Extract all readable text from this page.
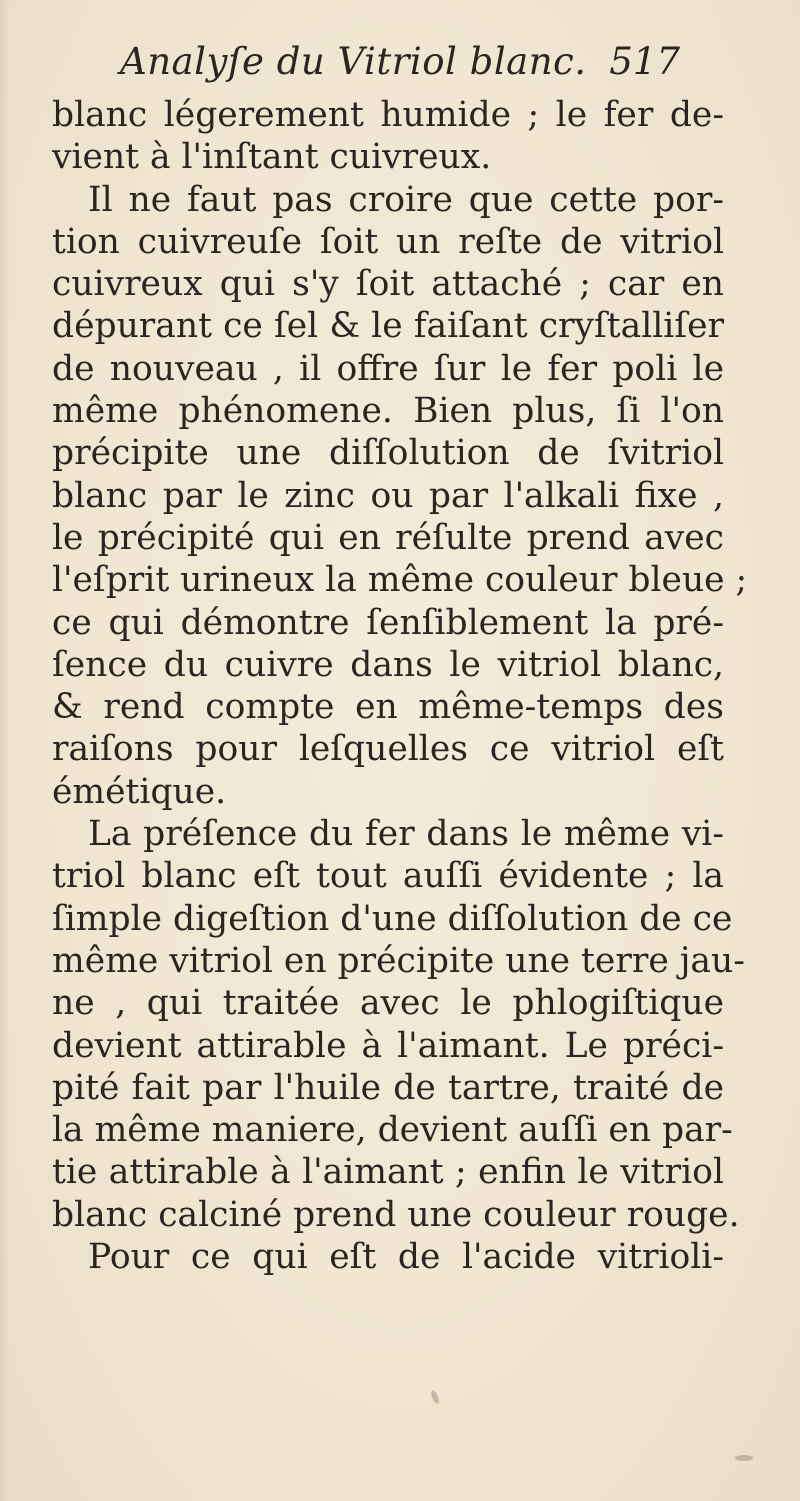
Analyſe du Vitriol blanc. 517
blanc légerement humide ; le fer de-
vient à l'inſtant cuivreux.
Il ne faut pas croire que cette por-
tion cuivreuſe ſoit un reſte de vitriol
cuivreux qui s'y ſoit attaché ; car en
dépurant ce ſel & le faiſant cryſtalliſer
de nouveau , il offre ſur le fer poli le
même phénomene. Bien plus, ſi l'on
précipite une diſſolution de ſvitriol
blanc par le zinc ou par l'alkali fixe ,
le précipité qui en réſulte prend avec
l'eſprit urineux la même couleur bleue ;
ce qui démontre ſenſiblement la pré-
ſence du cuivre dans le vitriol blanc,
& rend compte en même-temps des
raiſons pour leſquelles ce vitriol eſt
émétique.
La préſence du fer dans le même vi-
triol blanc eſt tout auſſi évidente ; la
ſimple digeſtion d'une diſſolution de ce
même vitriol en précipite une terre jau-
ne , qui traitée avec le phlogiſtique
devient attirable à l'aimant. Le préci-
pité fait par l'huile de tartre, traité de
la même maniere, devient auſſi en par-
tie attirable à l'aimant ; enfin le vitriol
blanc calciné prend une couleur rouge.
Pour ce qui eſt de l'acide vitrioli-
